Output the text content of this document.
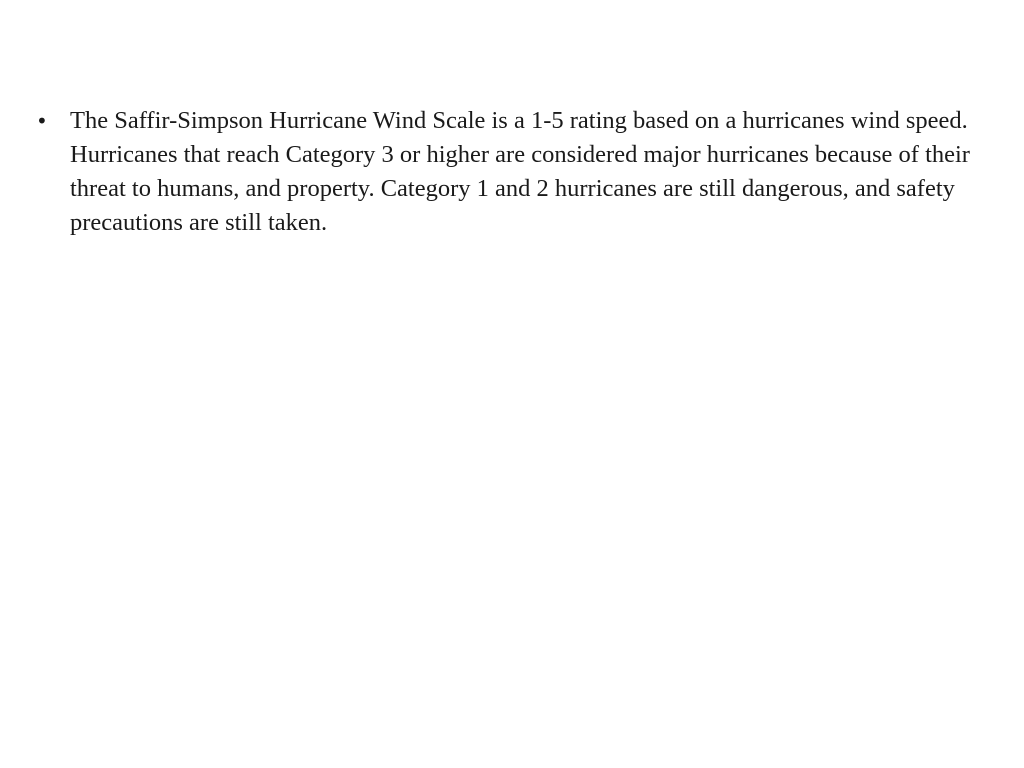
• The Saffir-Simpson Hurricane Wind Scale is a 1-5 rating based on a hurricanes wind speed. Hurricanes that reach Category 3 or higher are considered major hurricanes because of their threat to humans, and property. Category 1 and 2 hurricanes are still dangerous, and safety precautions are still taken.
